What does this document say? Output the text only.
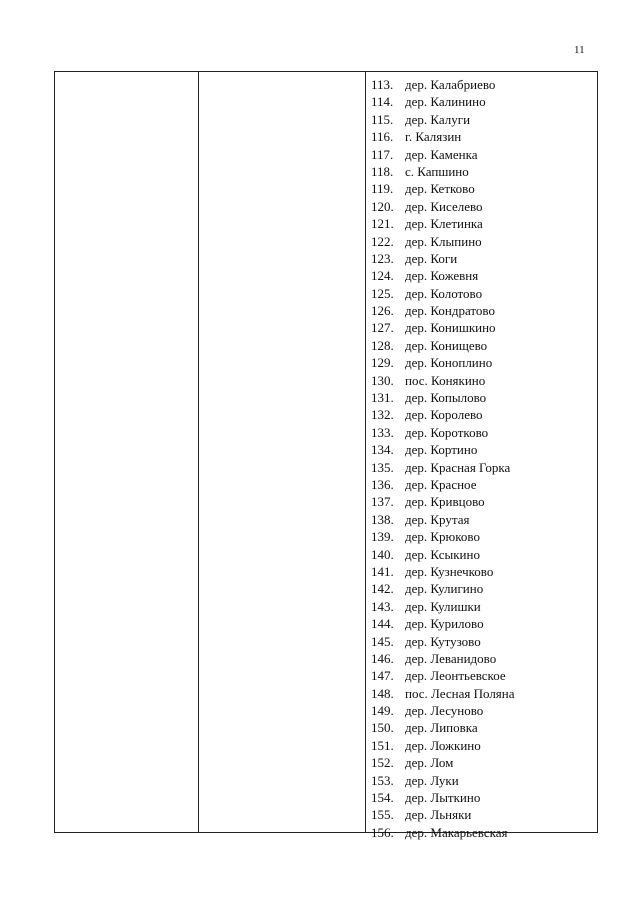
11
113. дер. Калабриево
114. дер. Калинино
115. дер. Калуги
116. г. Калязин
117. дер. Каменка
118. с. Капшино
119. дер. Кетково
120. дер. Киселево
121. дер. Клетинка
122. дер. Клыпино
123. дер. Коги
124. дер. Кожевня
125. дер. Колотово
126. дер. Кондратово
127. дер. Конишкино
128. дер. Конищево
129. дер. Коноплино
130. пос. Конякино
131. дер. Копылово
132. дер. Королево
133. дер. Коротково
134. дер. Кортино
135. дер. Красная Горка
136. дер. Красное
137. дер. Кривцово
138. дер. Крутая
139. дер. Крюково
140. дер. Ксыкино
141. дер. Кузнечково
142. дер. Кулигино
143. дер. Кулишки
144. дер. Курилово
145. дер. Кутузово
146. дер. Леванидово
147. дер. Леонтьевское
148. пос. Лесная Поляна
149. дер. Лесуново
150. дер. Липовка
151. дер. Ложкино
152. дер. Лом
153. дер. Луки
154. дер. Лыткино
155. дер. Льняки
156. дер. Макарьевская
